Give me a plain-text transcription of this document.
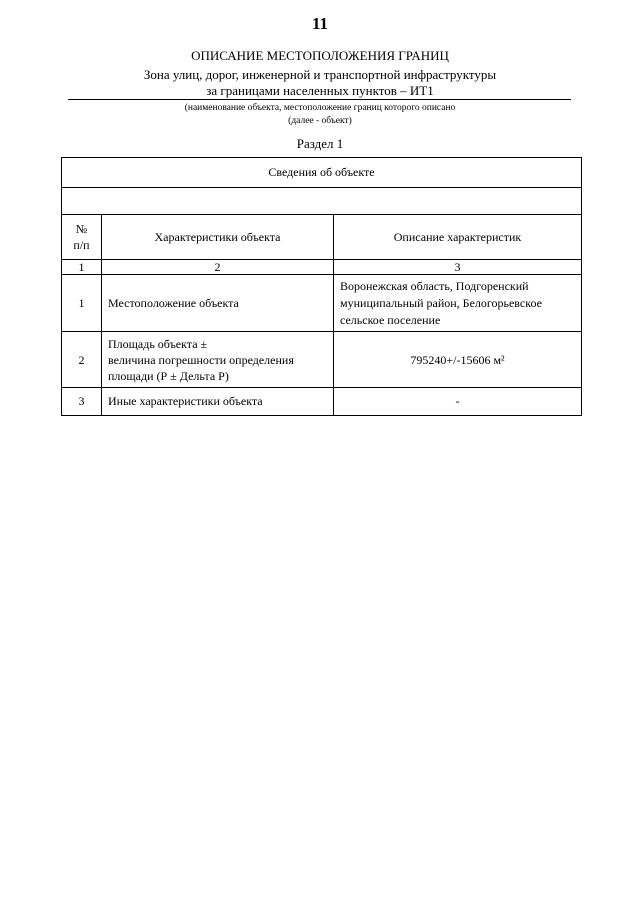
11
ОПИСАНИЕ МЕСТОПОЛОЖЕНИЯ ГРАНИЦ
Зона улиц, дорог, инженерной и транспортной инфраструктуры
за границами населенных пунктов – ИТ1
(наименование объекта, местоположение границ которого описано
(далее - объект)
Раздел 1
Сведения об объекте		

№
п/п	Характеристики объекта	Описание характеристик
1	2	3
1	Местоположение объекта	Воронежская область, Подгоренский
муниципальный район, Белогорьевское
сельское поселение

2	Площадь объекта ±
величина погрешности определения
площади (Р ± Дельта Р)	795240+/-15606 м²
3	Иные характеристики объекта	-
